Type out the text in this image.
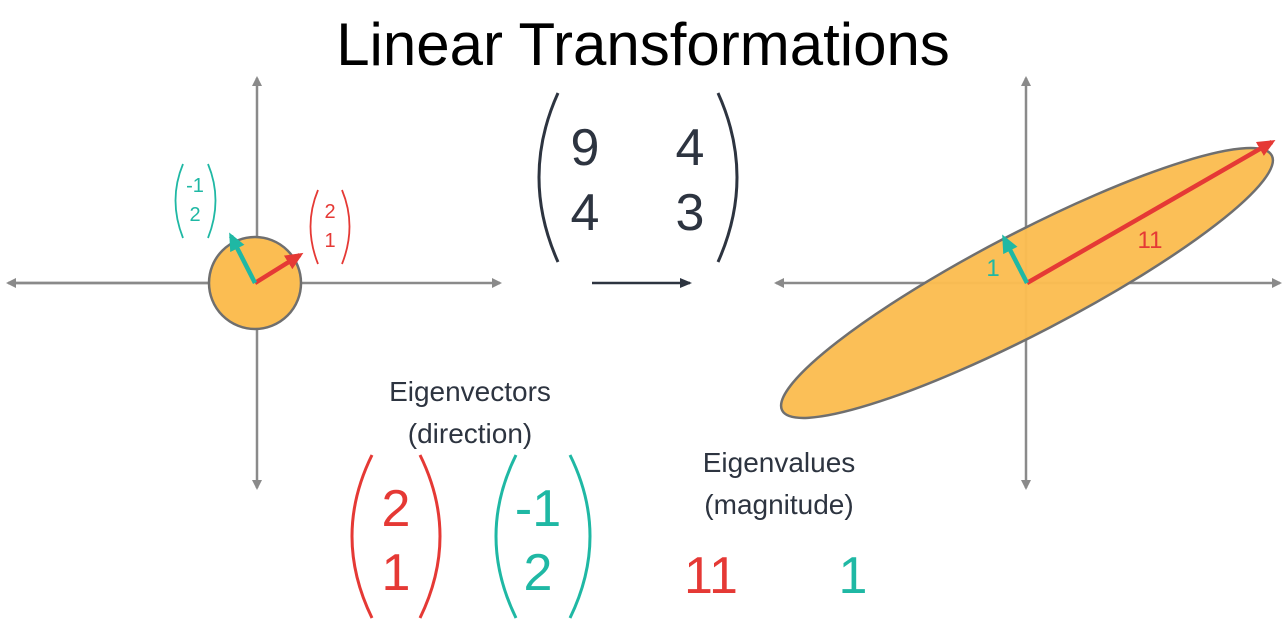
Linear Transformations
-1
2	2
1
9 4
4 3	11
1
Eigenvectors
(direction)
2
1
-1
2
Eigenvalues
(magnitude)
11 1
